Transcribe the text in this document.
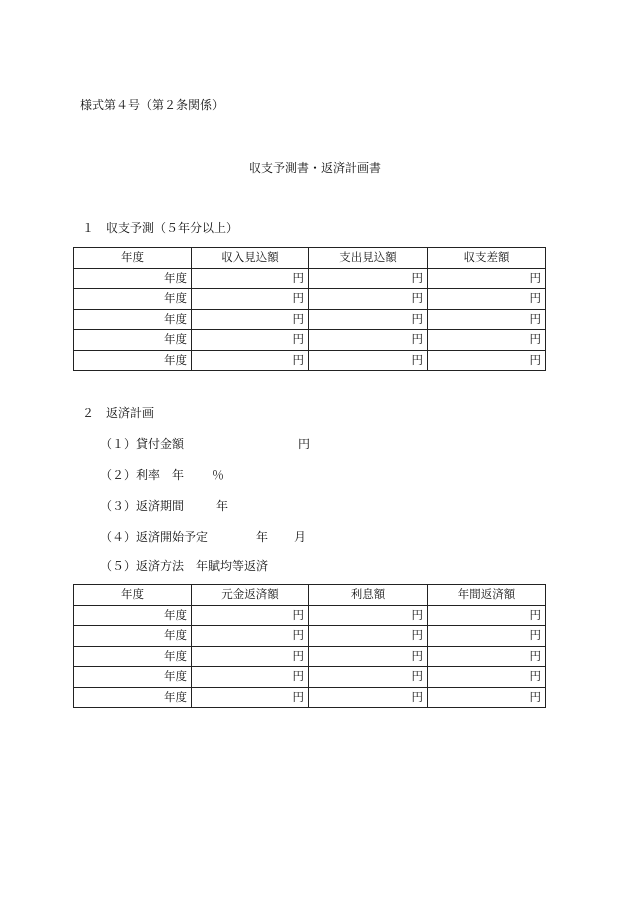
様式第４号（第２条関係）
収支予測書・返済計画書
１　収支予測（５年分以上）
年度	収入見込額	支出見込額	収支差額
年度	円	円	円
年度	円	円	円
年度	円	円	円
年度	円	円	円
年度	円	円	円
２　返済計画
（１）貸付金額	円
（２）利率 年 ％
（３）返済期間	年
（４）返済開始予定	年 月
（５）返済方法 年賦均等返済
年度	元金返済額	利息額	年間返済額
年度	円	円	円
年度	円	円	円
年度	円	円	円
年度	円	円	円
年度	円	円	円
